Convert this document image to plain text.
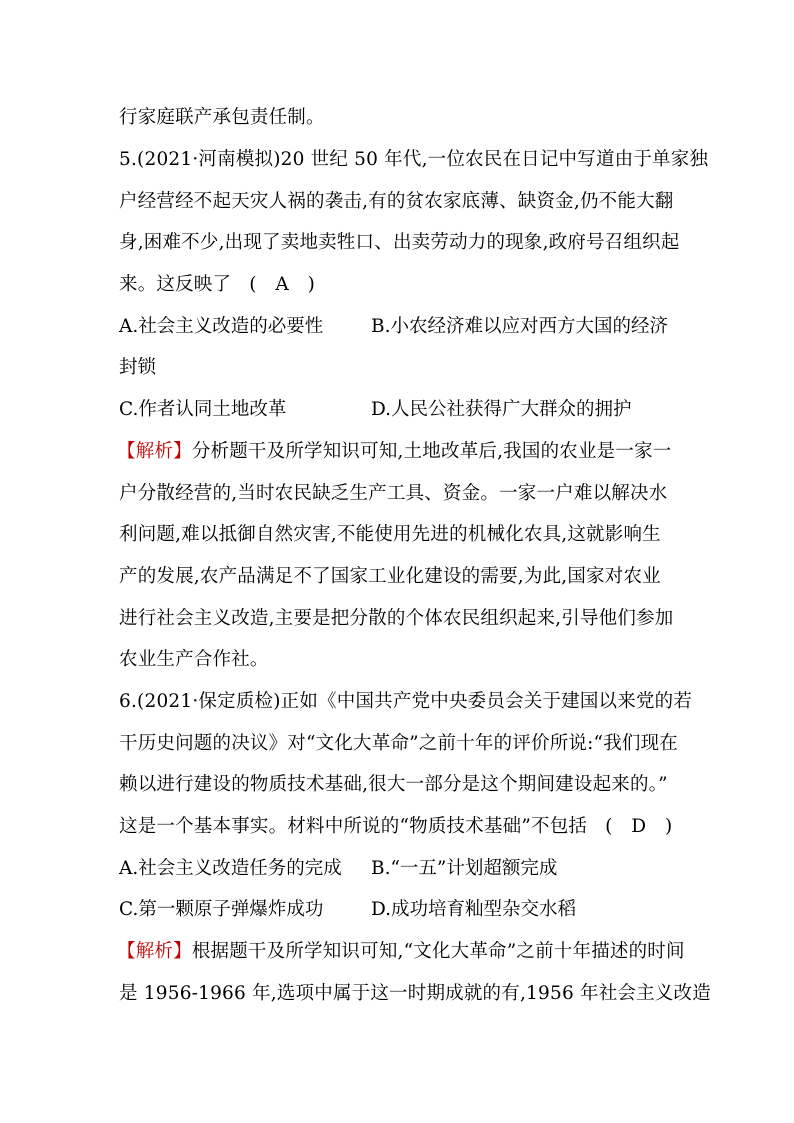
行家庭联产承包责任制。
5.(2021·河南模拟)20 世纪 50 年代,一位农民在日记中写道由于单家独
户经营经不起天灾人祸的袭击,有的贫农家底薄、缺资金,仍不能大翻
身,困难不少,出现了卖地卖牲口、出卖劳动力的现象,政府号召组织起
来。这反映了 (　A　)
A.社会主义改造的必要性	B.小农经济难以应对西方大国的经济
封锁
C.作者认同土地改革	D.人民公社获得广大群众的拥护
【解析】分析题干及所学知识可知,土地改革后,我国的农业是一家一
户分散经营的,当时农民缺乏生产工具、资金。一家一户难以解决水
利问题,难以抵御自然灾害,不能使用先进的机械化农具,这就影响生
产的发展,农产品满足不了国家工业化建设的需要,为此,国家对农业
进行社会主义改造,主要是把分散的个体农民组织起来,引导他们参加
农业生产合作社。
6.(2021·保定质检)正如《中国共产党中央委员会关于建国以来党的若
干历史问题的决议》对“文化大革命”之前十年的评价所说:“我们现在
赖以进行建设的物质技术基础,很大一部分是这个期间建设起来的。”
这是一个基本事实。材料中所说的“物质技术基础”不包括 (　D　)
A.社会主义改造任务的完成 B.“一五”计划超额完成
C.第一颗原子弹爆炸成功	D.成功培育籼型杂交水稻
【解析】根据题干及所学知识可知,“文化大革命”之前十年描述的时间
是 1956-1966 年,选项中属于这一时期成就的有,1956 年社会主义改造
